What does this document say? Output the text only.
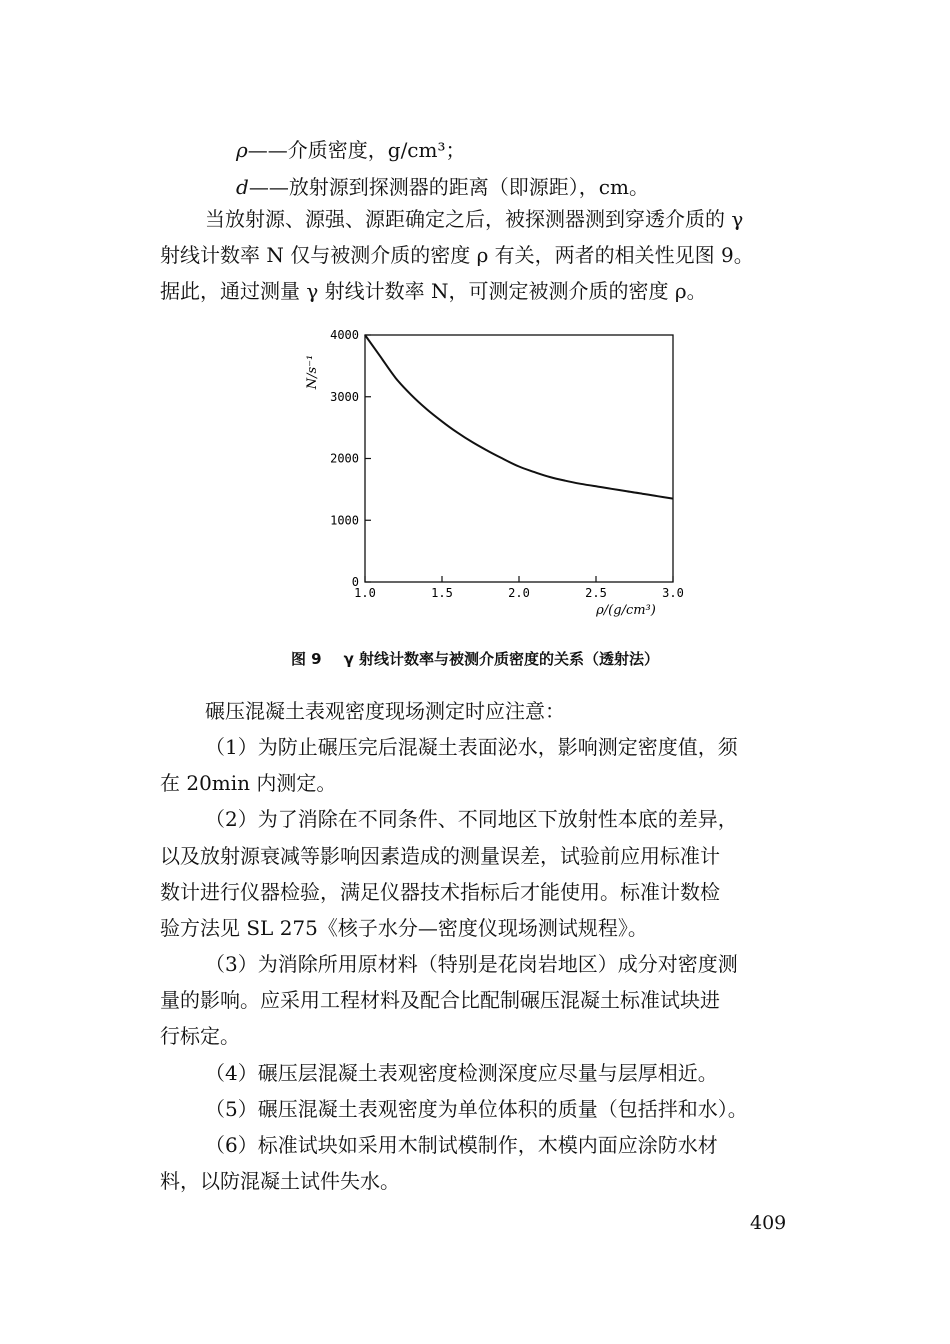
ρ——介质密度，g/cm³；
d——放射源到探测器的距离（即源距），cm。
当放射源、源强、源距确定之后，被探测器测到穿透介质的 γ
射线计数率 N 仅与被测介质的密度 ρ 有关，两者的相关性见图 9。
据此，通过测量 γ 射线计数率 N，可测定被测介质的密度 ρ。
0
1000
2000
3000
4000
1.0	1.5	2.0	2.5	3.0
N/s⁻¹
ρ/(g/cm³)
图 9 γ 射线计数率与被测介质密度的关系（透射法）
碾压混凝土表观密度现场测定时应注意：
（1）为防止碾压完后混凝土表面泌水，影响测定密度值，须
在 20min 内测定。
（2）为了消除在不同条件、不同地区下放射性本底的差异，
以及放射源衰减等影响因素造成的测量误差，试验前应用标准计
数计进行仪器检验，满足仪器技术指标后才能使用。标准计数检
验方法见 SL 275《核子水分—密度仪现场测试规程》。
（3）为消除所用原材料（特别是花岗岩地区）成分对密度测
量的影响。应采用工程材料及配合比配制碾压混凝土标准试块进
行标定。
（4）碾压层混凝土表观密度检测深度应尽量与层厚相近。
（5）碾压混凝土表观密度为单位体积的质量（包括拌和水）。
（6）标准试块如采用木制试模制作，木模内面应涂防水材
料，以防混凝土试件失水。
409
